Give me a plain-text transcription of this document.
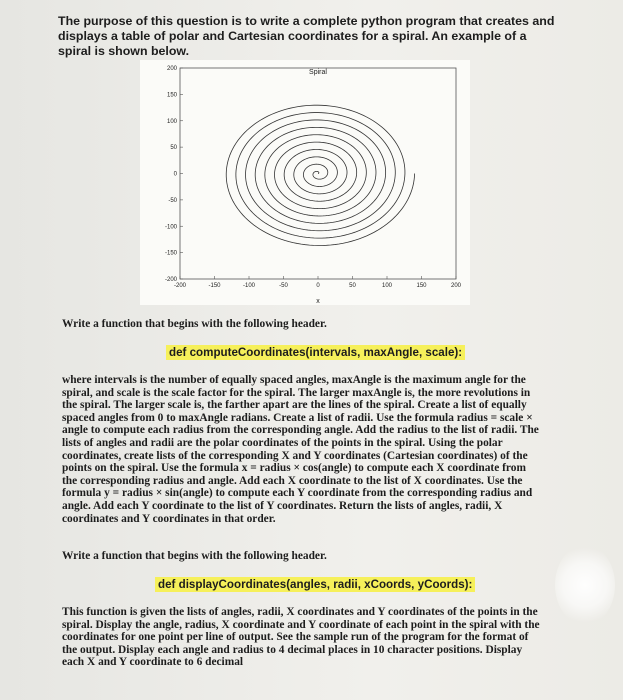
The purpose of this question is to write a complete python program that creates and displays a table of polar and Cartesian coordinates for a spiral. An example of a spiral is shown below.
Spiral
x
-200	-150	-100	-50	0	50	100	150	200
200
150
100
50
0
-50
-100
-150
-200
Write a function that begins with the following header.
def computeCoordinates(intervals, maxAngle, scale):
where intervals is the number of equally spaced angles, maxAngle is the maximum angle for the spiral, and scale is the scale factor for the spiral. The larger maxAngle is, the more revolutions in the spiral. The larger scale is, the farther apart are the lines of the spiral. Create a list of equally spaced angles from 0 to maxAngle radians. Create a list of radii. Use the formula radius = scale × angle to compute each radius from the corresponding angle. Add the radius to the list of radii. The lists of angles and radii are the polar coordinates of the points in the spiral. Using the polar coordinates, create lists of the corresponding X and Y coordinates (Cartesian coordinates) of the points on the spiral. Use the formula x = radius × cos(angle) to compute each X coordinate from the corresponding radius and angle. Add each X coordinate to the list of X coordinates. Use the formula y = radius × sin(angle) to compute each Y coordinate from the corresponding radius and angle. Add each Y coordinate to the list of Y coordinates. Return the lists of angles, radii, X coordinates and Y coordinates in that order.
Write a function that begins with the following header.
def displayCoordinates(angles, radii, xCoords, yCoords):
This function is given the lists of angles, radii, X coordinates and Y coordinates of the points in the spiral. Display the angle, radius, X coordinate and Y coordinate of each point in the spiral with the coordinates for one point per line of output. See the sample run of the program for the format of the output. Display each angle and radius to 4 decimal places in 10 character positions. Display each X and Y coordinate to 6 decimal
